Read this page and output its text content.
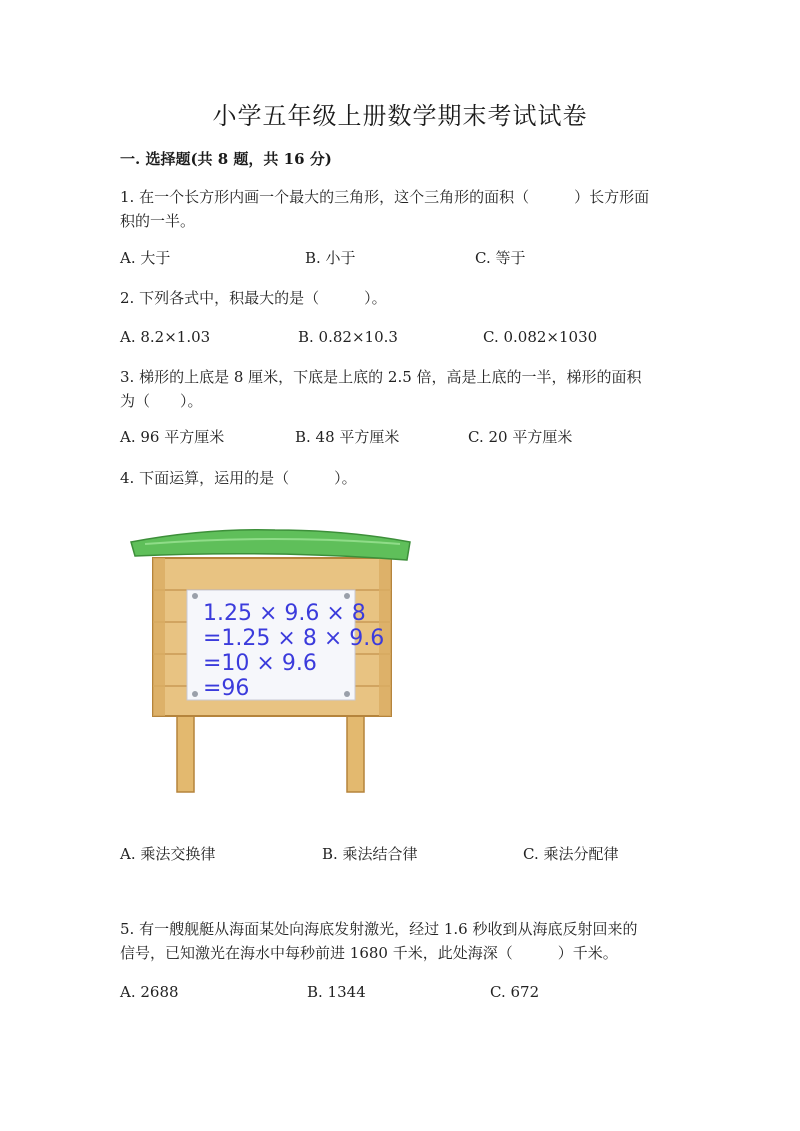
小学五年级上册数学期末考试试卷
一. 选择题(共 8 题，共 16 分)
1. 在一个长方形内画一个最大的三角形，这个三角形的面积（　　　）长方形面
积的一半。
A. 大于	B. 小于	C. 等于
2. 下列各式中，积最大的是（　　　）。
A. 8.2×1.03	B. 0.82×10.3	C. 0.082×1030
3. 梯形的上底是 8 厘米，下底是上底的 2.5 倍，高是上底的一半，梯形的面积
为（　　）。
A. 96 平方厘米	B. 48 平方厘米	C. 20 平方厘米
4. 下面运算，运用的是（　　　）。
1.25 × 9.6 × 8
=1.25 × 8 × 9.6
=10 × 9.6
=96
A. 乘法交换律	B. 乘法结合律	C. 乘法分配律
5. 有一艘舰艇从海面某处向海底发射激光，经过 1.6 秒收到从海底反射回来的
信号，已知激光在海水中每秒前进 1680 千米，此处海深（　　　）千米。
A. 2688	B. 1344	C. 672
